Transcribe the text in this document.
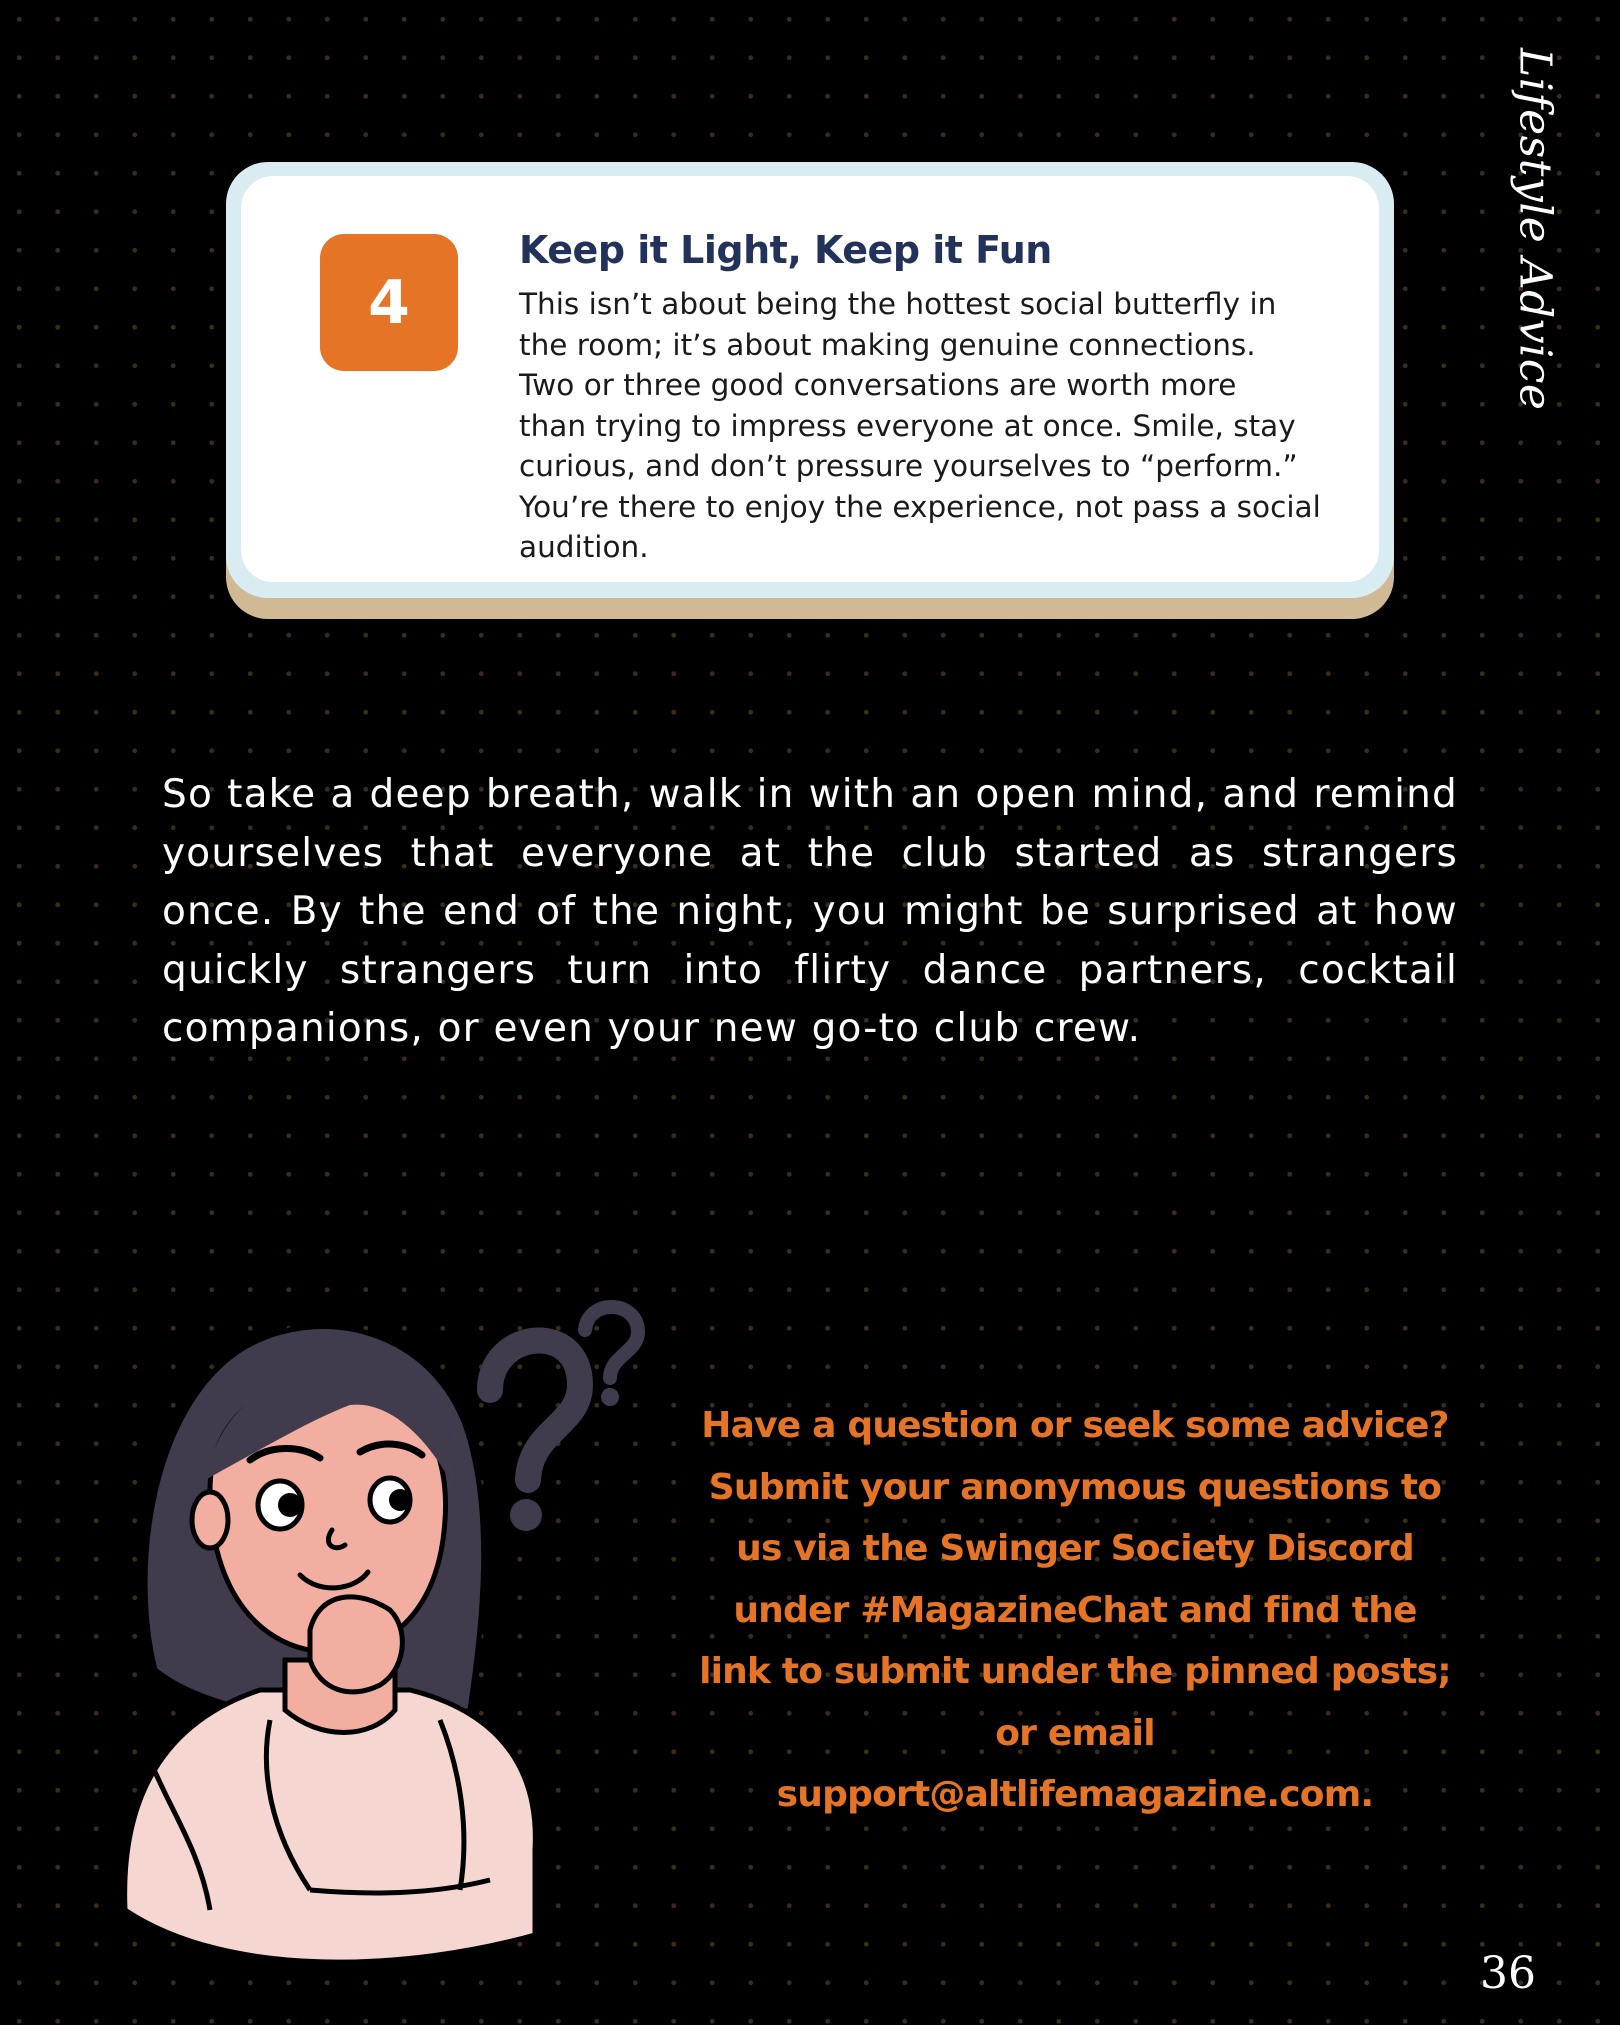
Lifestyle Advice
4
Keep it Light, Keep it Fun

This isn’t about being the hottest social butterfly in
the room; it’s about making genuine connections.
Two or three good conversations are worth more
than trying to impress everyone at once. Smile, stay
curious, and don’t pressure yourselves to “perform.”
You’re there to enjoy the experience, not pass a social
audition.

So take a deep breath, walk in with an open mind, and remind yourselves that everyone at the club started as strangers once. By the end of the night, you might be surprised at how quickly strangers turn into flirty dance partners, cocktail companions, or even your new go-to club crew.

Have a question or seek some advice?
Submit your anonymous questions to
us via the Swinger Society Discord
under #MagazineChat and find the
link to submit under the pinned posts;
or email
support@altlifemagazine.com.

36
